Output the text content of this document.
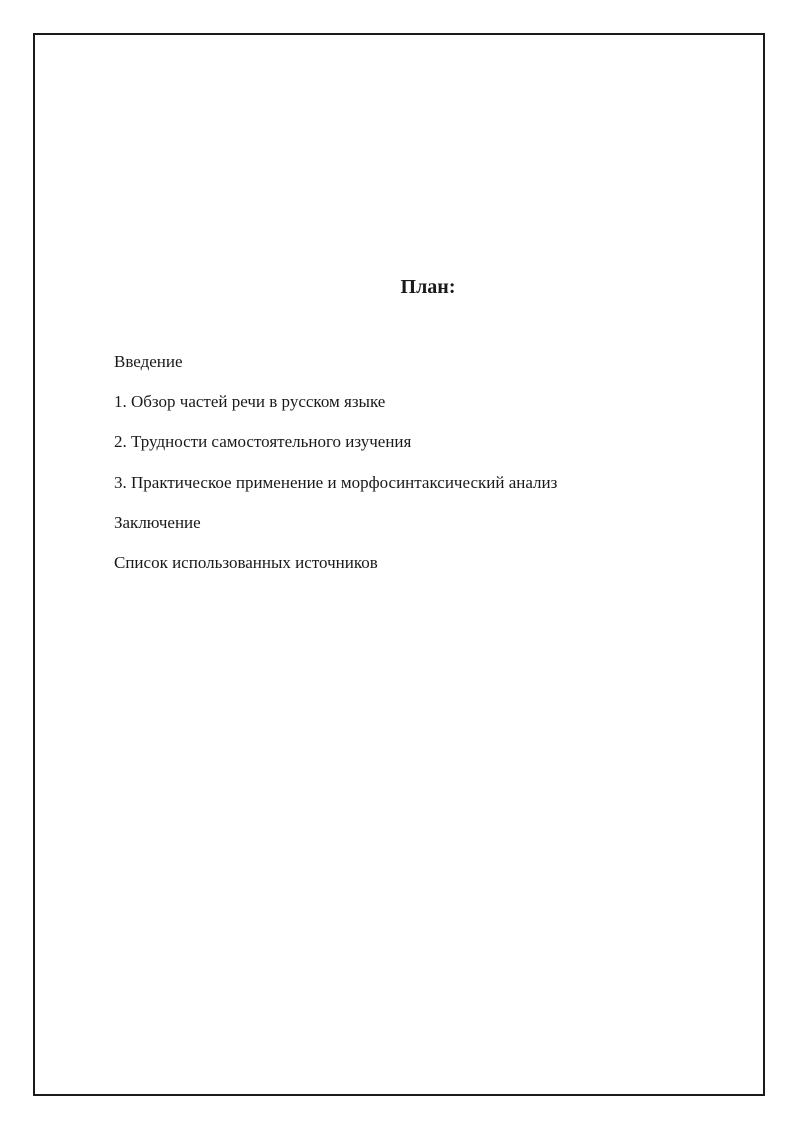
План:
Введение
1. Обзор частей речи в русском языке
2. Трудности самостоятельного изучения
3. Практическое применение и морфосинтаксический анализ
Заключение
Список использованных источников
